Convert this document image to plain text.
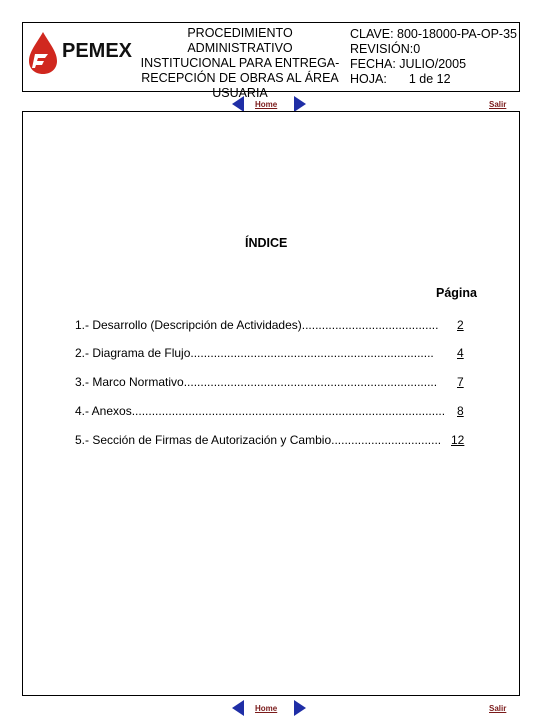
PEMEX
PROCEDIMIENTO ADMINISTRATIVO
INSTITUCIONAL PARA ENTREGA-
RECEPCIÓN DE OBRAS AL ÁREA
USUARIA
CLAVE: 800-18000-PA-OP-35
REVISIÓN:0
FECHA: JULIO/2005
HOJA: 1 de 12
Home	Salir
ÍNDICE
Página
1.- Desarrollo (Descripción de Actividades)......................................... 2
2.- Diagrama de Flujo......................................................................... 4
3.- Marco Normativo............................................................................ 7
4.- Anexos.............................................................................................. 8
5.- Sección de Firmas de Autorización y Cambio................................. 12
Home	Salir
